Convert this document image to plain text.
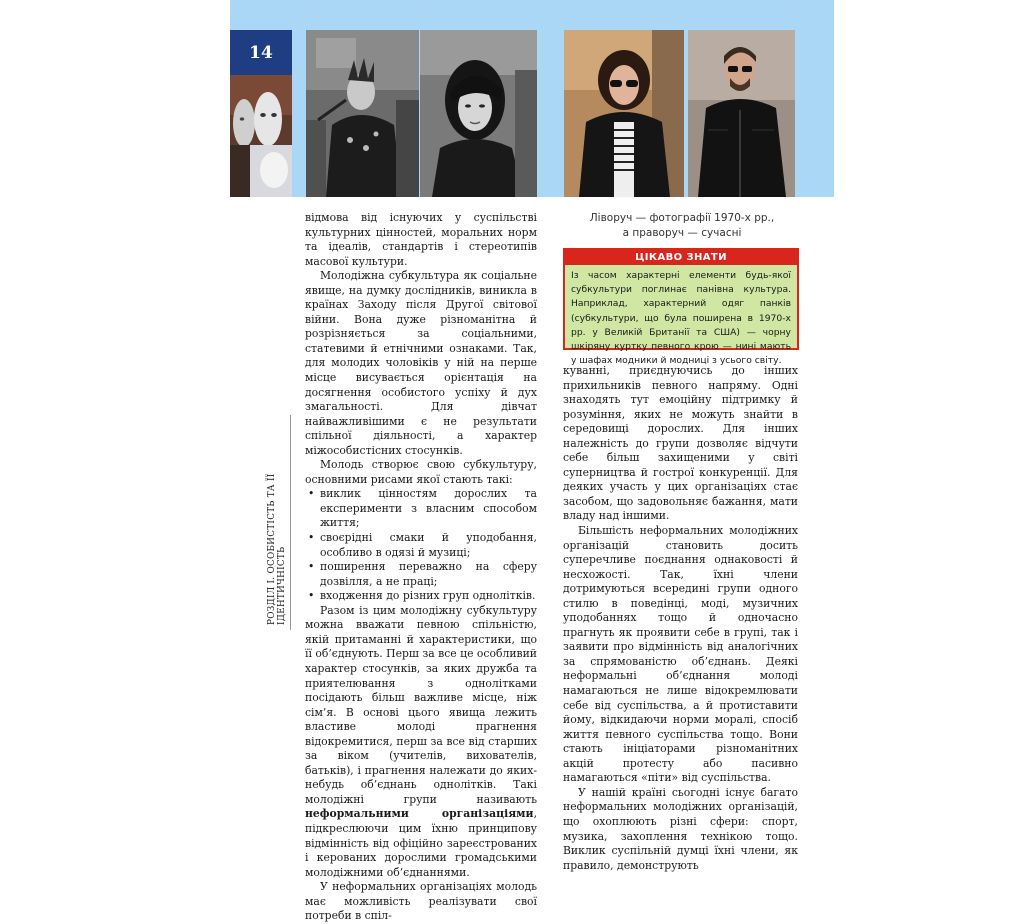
14
РОЗДІЛ І. ОСОБИСТІСТЬ ТА ЇЇ ІДЕНТИЧНІСТЬ
Ліворуч — фотографії 1970-х рр.,
а праворуч — сучасні
ЦІКАВО ЗНАТИ
Із часом характерні елементи будь-якої субкультури поглинає панівна культура. Наприклад, характерний одяг панків (субкультури, що була поширена в 1970-х рр. у Великій Британії та США) — чорну шкіряну куртку певного крою — нині мають у шафах модники й модниці з усього світу.

відмова від існуючих у суспільстві культурних цінностей, моральних норм та ідеалів, стандартів і стереотипів масової культури.

Молодіжна субкультура як соціальне явище, на думку дослідників, виникла в країнах Заходу після Другої світової війни. Вона дуже різноманітна й розрізняється за соціальними, статевими й етнічними ознаками. Так, для молодих чоловіків у ній на перше місце висувається орієнтація на досягнення особистого успіху й дух змагальності. Для дівчат найважливішими є не результати спільної діяльності, а характер міжособистісних стосунків.

Молодь створює свою субкультуру, основними рисами якої стають такі:

• виклик цінностям дорослих та експерименти з власним способом життя;
• своєрідні смаки й уподобання, особливо в одязі й музиці;
• поширення переважно на сферу дозвілля, а не праці;
• входження до різних груп однолітків.

Разом із цим молодіжну субкультуру можна вважати певною спільністю, якій притаманні й характеристики, що її об’єднують. Перш за все це особливий характер стосунків, за яких дружба та приятелювання з однолітками посідають більш важливе місце, ніж сім’я. В основі цього явища лежить властиве молоді прагнення відокремитися, перш за все від старших за віком (учителів, вихователів, батьків), і прагнення належати до яких-небудь об’єднань однолітків. Такі молодіжні групи називають неформальними організаціями, підкреслюючи цим їхню принципову відмінність від офіційно зареєстрованих і керованих дорослими громадськими молодіжними об’єднаннями.

У неформальних організаціях молодь має можливість реалізувати свої потреби в спіл-

куванні, приєднуючись до інших прихильників певного напряму. Одні знаходять тут емоційну підтримку й розуміння, яких не можуть знайти в середовищі дорослих. Для інших належність до групи дозволяє відчути себе більш захищеними у світі суперництва й гострої конкуренції. Для деяких участь у цих організаціях стає засобом, що задовольняє бажання, мати владу над іншими.

Більшість неформальних молодіжних організацій становить досить суперечливе поєднання однаковості й несхожості. Так, їхні члени дотримуються всередині групи одного стилю в поведінці, моді, музичних уподобаннях тощо й одночасно прагнуть як проявити себе в групі, так і заявити про відмінність від аналогічних за спрямованістю об’єднань. Деякі неформальні об’єднання молоді намагаються не лише відокремлювати себе від суспільства, а й протиставити йому, відкидаючи норми моралі, спосіб життя певного суспільства тощо. Вони стають ініціаторами різноманітних акцій протесту або пасивно намагаються «піти» від суспільства.

У нашій країні сьогодні існує багато неформальних молодіжних організацій, що охоплюють різні сфери: спорт, музика, захоплення технікою тощо. Виклик суспільній думці їхні члени, як правило, демонструють
